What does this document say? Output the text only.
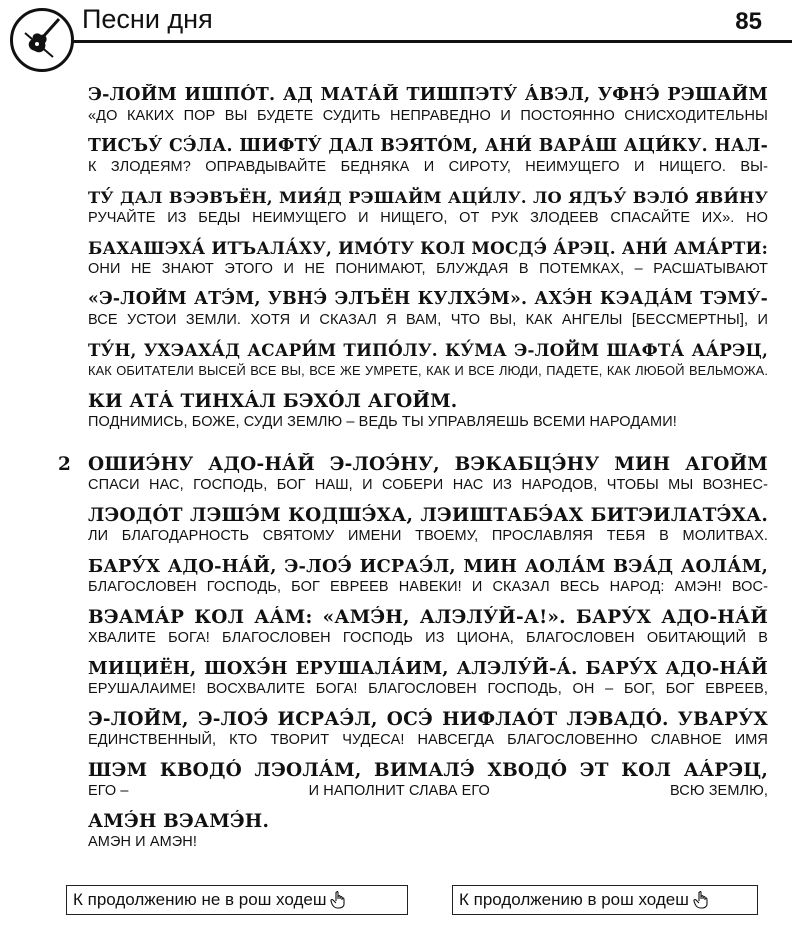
Песни дня	85
Э-ЛОЙ́М ИШПО́Т. АД МАТА́Й ТИШПЭТУ́ А́ВЭЛ, УФНЭ́ РЭШАЙ́М
«ДО КАКИХ ПОР ВЫ БУДЕТЕ СУДИТЬ НЕПРАВЕДНО И ПОСТОЯННО СНИСХОДИТЕЛЬНЫ
ТИСЪУ́ СЭ́ЛА. ШИФТУ́ ДАЛ ВЭЯТО́М, АНИ́ ВАРА́Ш АЦИ́КУ. НАЛ-
К ЗЛОДЕЯМ? ОПРАВДЫВАЙТЕ БЕДНЯКА И СИРОТУ, НЕИМУЩЕГО И НИЩЕГО. ВЫ-
ТУ́ ДАЛ ВЭЭВЪЁН, МИЯ́Д РЭШАЙМ АЦИ́ЛУ. ЛО ЯДЪУ́ ВЭЛО́ ЯВИ́НУ
РУЧАЙТЕ ИЗ БЕДЫ НЕИМУЩЕГО И НИЩЕГО, ОТ РУК ЗЛОДЕЕВ СПАСАЙТЕ ИХ». НО
БАХАШЭХА́ ИТЪАЛА́ХУ, ИМО́ТУ КОЛ МОСДЭ́ А́РЭЦ. АНИ́ АМА́РТИ:
ОНИ НЕ ЗНАЮТ ЭТОГО И НЕ ПОНИМАЮТ, БЛУЖДАЯ В ПОТЕМКАХ, – РАСШАТЫВАЮТ
«Э-ЛОЙ́М АТЭ́М, УВНЭ́ ЭЛЪЁН КУЛХЭ́М». АХЭ́Н КЭАДА́М ТЭМУ́-
ВСЕ УСТОИ ЗЕМЛИ. ХОТЯ И СКАЗАЛ Я ВАМ, ЧТО ВЫ, КАК АНГЕЛЫ [БЕССМЕРТНЫ], И
ТУ́Н, УХЭАХА́Д АСАРИ́М ТИПО́ЛУ. КУ́МА Э-ЛОЙ́М ШАФТА́ АА́РЭЦ,
КАК ОБИТАТЕЛИ ВЫСЕЙ ВСЕ ВЫ, ВСЕ ЖЕ УМРЕТЕ, КАК И ВСЕ ЛЮДИ, ПАДЕТЕ, КАК ЛЮБОЙ ВЕЛЬМОЖА.
КИ АТА́ ТИНХА́Л БЭХО́Л АГОЙ́М.
ПОДНИМИСЬ, БОЖЕ, СУДИ ЗЕМЛЮ – ВЕДЬ ТЫ УПРАВЛЯЕШЬ ВСЕМИ НАРОДАМИ!
2 ОШИЭ́НУ АДО-НА́Й Э-ЛОЭ́НУ, ВЭКАБЦЭ́НУ МИН АГОЙ́М
СПАСИ НАС, ГОСПОДЬ, БОГ НАШ, И СОБЕРИ НАС ИЗ НАРОДОВ, ЧТОБЫ МЫ ВОЗНЕС-
ЛЭОДО́Т ЛЭШЭ́М КОДШЭ́ХА, ЛЭИШТАБЭ́АХ БИТЭИЛАТЭ́ХА.
ЛИ БЛАГОДАРНОСТЬ СВЯТОМУ ИМЕНИ ТВОЕМУ, ПРОСЛАВЛЯЯ ТЕБЯ В МОЛИТВАХ.
БАРУ́Х АДО-НА́Й, Э-ЛОЭ́ ИСРАЭ́Л, МИН АОЛА́М ВЭА́Д АОЛА́М,
БЛАГОСЛОВЕН ГОСПОДЬ, БОГ ЕВРЕЕВ НАВЕКИ! И СКАЗАЛ ВЕСЬ НАРОД: АМЭН! ВОС-
ВЭАМА́Р КОЛ АА́М: «АМЭ́Н, АЛЭЛУ́Й-А!». БАРУ́Х АДО-НА́Й
ХВАЛИТЕ БОГА! БЛАГОСЛОВЕН ГОСПОДЬ ИЗ ЦИОНА, БЛАГОСЛОВЕН ОБИТАЮЩИЙ В
МИЦИЁН, ШОХЭ́Н ЕРУШАЛА́ИМ, АЛЭЛУ́Й-А́. БАРУ́Х АДО-НА́Й
ЕРУШАЛАИМЕ! ВОСХВАЛИТЕ БОГА! БЛАГОСЛОВЕН ГОСПОДЬ, ОН – БОГ, БОГ ЕВРЕЕВ,
Э-ЛОЙ́М, Э-ЛОЭ́ ИСРАЭ́Л, ОСЭ́ НИФЛАО́Т ЛЭВАДО́. УВАРУ́Х
ЕДИНСТВЕННЫЙ, КТО ТВОРИТ ЧУДЕСА! НАВСЕГДА БЛАГОСЛОВЕННО СЛАВНОЕ ИМЯ
ШЭМ КВОДО́ ЛЭОЛА́М, ВИМАЛЭ́ ХВОДО́ ЭТ КОЛ АА́РЭЦ,
ЕГО –	И НАПОЛНИТ СЛАВА ЕГО	ВСЮ ЗЕМЛЮ,
АМЭ́Н ВЭАМЭ́Н.
АМЭН И АМЭН!
К продолжению не в рош ходеш	К продолжению в рош ходеш
